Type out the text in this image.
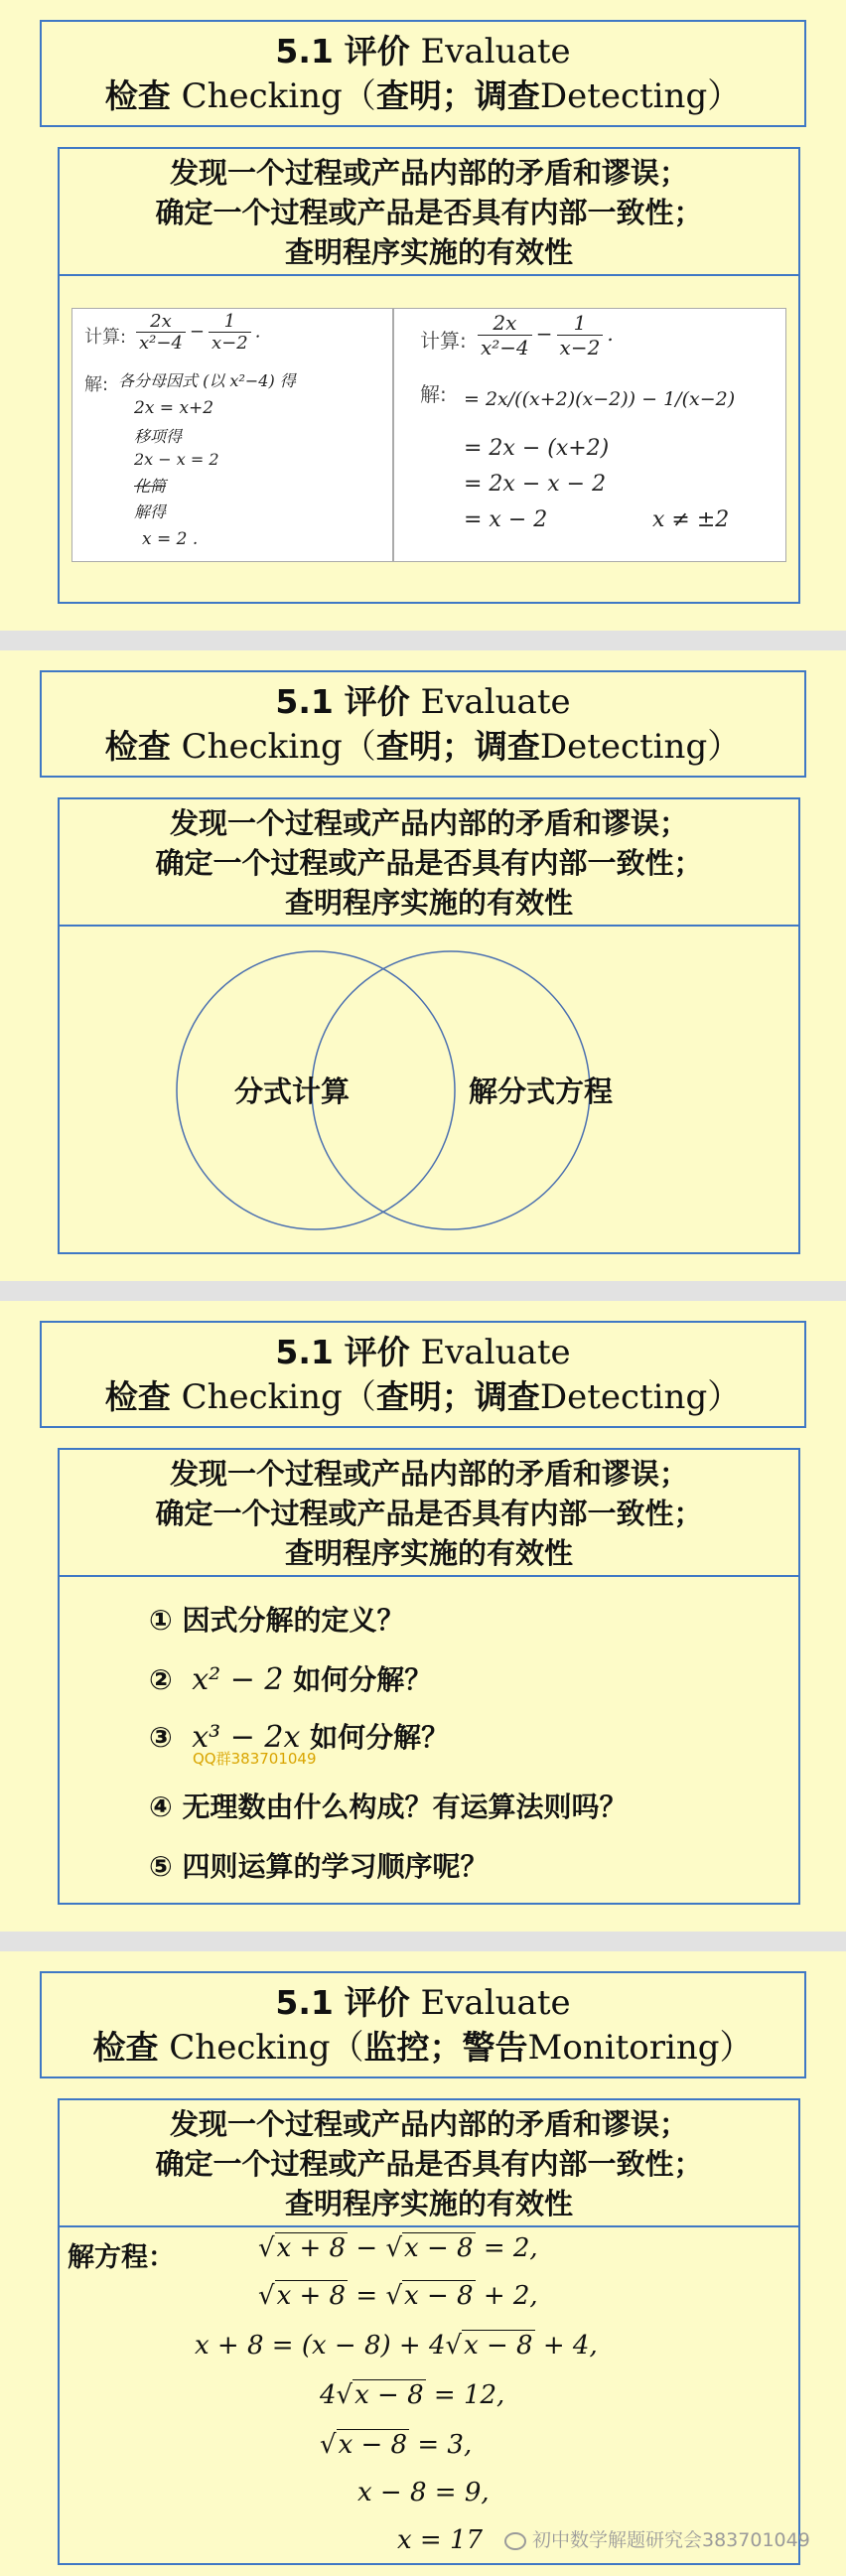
5.1 评价 Evaluate
检查 Checking（查明；调查Detecting）
发现一个过程或产品内部的矛盾和谬误；
确定一个过程或产品是否具有内部一致性；
查明程序实施的有效性
计算: $\frac{2x}{\text{x²−4}} - \frac{1}{x-2}$ .
解: 各分母因式 (以 x²−4) 得
2x = x+2
移项得
2x − x = 2
化简
解得
x = 2 .
计算: $\frac{2x}{\text{x²−4}} - \frac{1}{x-2}$ .
解: = 2x/((x+2)(x−2)) − 1/(x−2)
= 2x − (x+2)
= 2x − x − 2
= x − 2	x ≠ ±2
5.1 评价 Evaluate
检查 Checking（查明；调查Detecting）
发现一个过程或产品内部的矛盾和谬误；
确定一个过程或产品是否具有内部一致性；
查明程序实施的有效性
分式计算	解分式方程
5.1 评价 Evaluate
检查 Checking（查明；调查Detecting）
发现一个过程或产品内部的矛盾和谬误；
确定一个过程或产品是否具有内部一致性；
查明程序实施的有效性
① 因式分解的定义？
② x² − 2 如何分解？
③ x³ − 2x 如何分解？
QQ群383701049
④ 无理数由什么构成？有运算法则吗？
⑤ 四则运算的学习顺序呢？
5.1 评价 Evaluate
检查 Checking（监控；警告Monitoring）
发现一个过程或产品内部的矛盾和谬误；
确定一个过程或产品是否具有内部一致性；
查明程序实施的有效性
解方程：	√x + 8 − √x − 8 = 2,
√x + 8 = √x − 8 + 2,
x + 8 = (x − 8) + 4√x − 8 + 4,
4√x − 8 = 12,
√x − 8 = 3,
x − 8 = 9,
x = 17	初中数学解题研究会383701049
